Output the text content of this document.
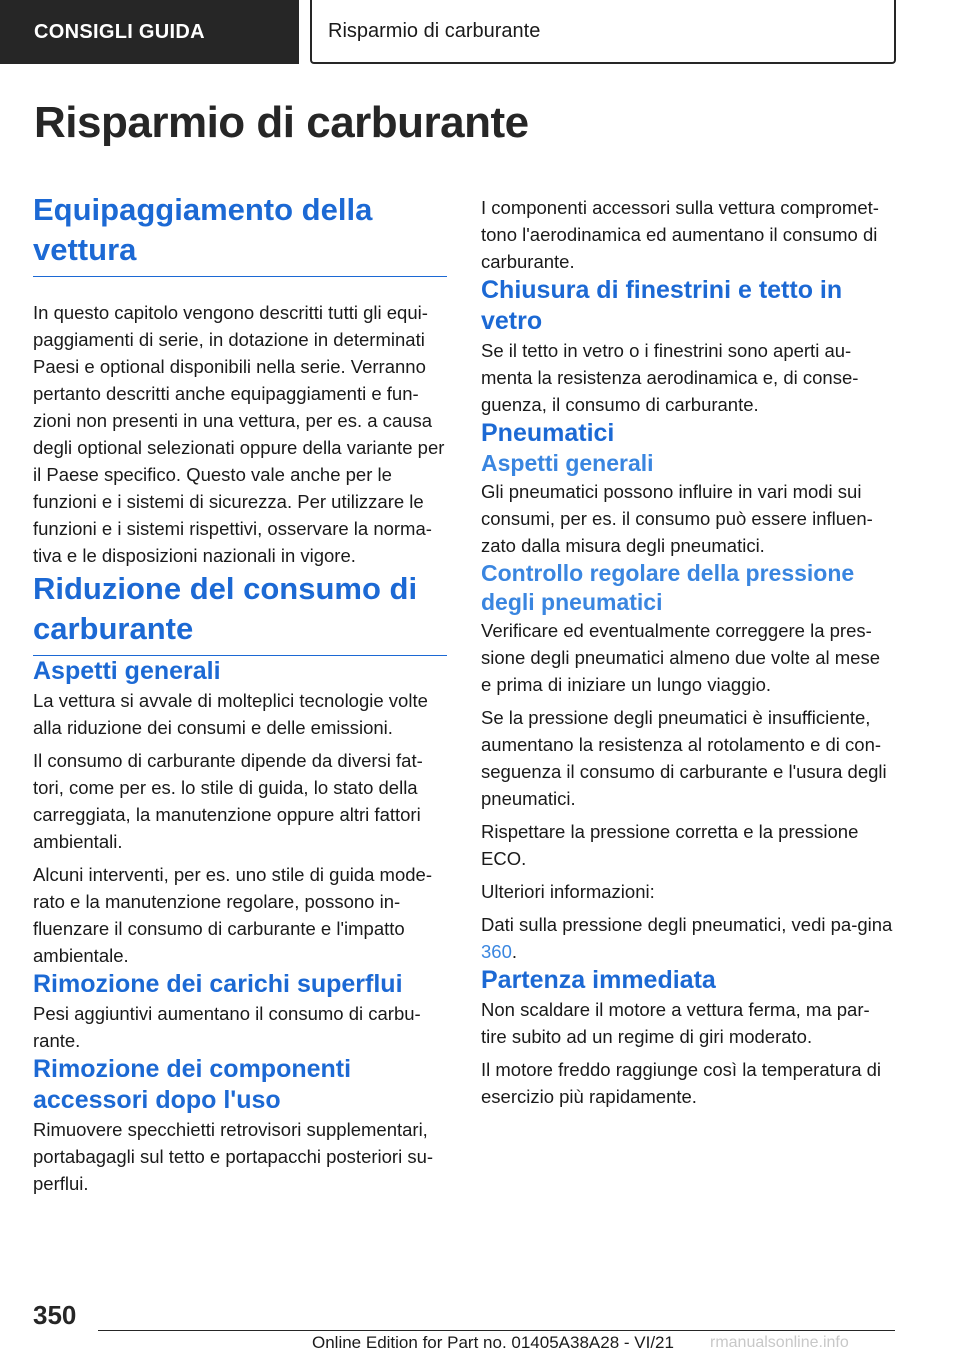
CONSIGLI GUIDA	Risparmio di carburante
Risparmio di carburante
Equipaggiamento della vettura

In questo capitolo vengono descritti tutti gli equi-paggiamenti di serie, in dotazione in determinati Paesi e optional disponibili nella serie. Verranno pertanto descritti anche equipaggiamenti e fun-zioni non presenti in una vettura, per es. a causa degli optional selezionati oppure della variante per il Paese specifico. Questo vale anche per le funzioni e i sistemi di sicurezza. Per utilizzare le funzioni e i sistemi rispettivi, osservare la norma-tiva e le disposizioni nazionali in vigore.

Riduzione del consumo di carburante
Aspetti generali

La vettura si avvale di molteplici tecnologie volte alla riduzione dei consumi e delle emissioni.

Il consumo di carburante dipende da diversi fat-tori, come per es. lo stile di guida, lo stato della carreggiata, la manutenzione oppure altri fattori ambientali.

Alcuni interventi, per es. uno stile di guida mode-rato e la manutenzione regolare, possono in-fluenzare il consumo di carburante e l'impatto ambientale.

Rimozione dei carichi superflui

Pesi aggiuntivi aumentano il consumo di carbu-rante.

Rimozione dei componenti accessori dopo l'uso

Rimuovere specchietti retrovisori supplementari, portabagagli sul tetto e portapacchi posteriori su-perflui.

I componenti accessori sulla vettura compromet-tono l'aerodinamica ed aumentano il consumo di carburante.

Chiusura di finestrini e tetto in vetro

Se il tetto in vetro o i finestrini sono aperti au-menta la resistenza aerodinamica e, di conse-guenza, il consumo di carburante.

Pneumatici
Aspetti generali

Gli pneumatici possono influire in vari modi sui consumi, per es. il consumo può essere influen-zato dalla misura degli pneumatici.

Controllo regolare della pressione degli pneumatici

Verificare ed eventualmente correggere la pres-sione degli pneumatici almeno due volte al mese e prima di iniziare un lungo viaggio.

Se la pressione degli pneumatici è insufficiente, aumentano la resistenza al rotolamento e di con-seguenza il consumo di carburante e l'usura degli pneumatici.

Rispettare la pressione corretta e la pressione ECO.

Ulteriori informazioni:

Dati sulla pressione degli pneumatici, vedi pa-gina 360.

Partenza immediata

Non scaldare il motore a vettura ferma, ma par-tire subito ad un regime di giri moderato.

Il motore freddo raggiunge così la temperatura di esercizio più rapidamente.

350
Online Edition for Part no. 01405A38A28 - VI/21 rmanualsonline.info
